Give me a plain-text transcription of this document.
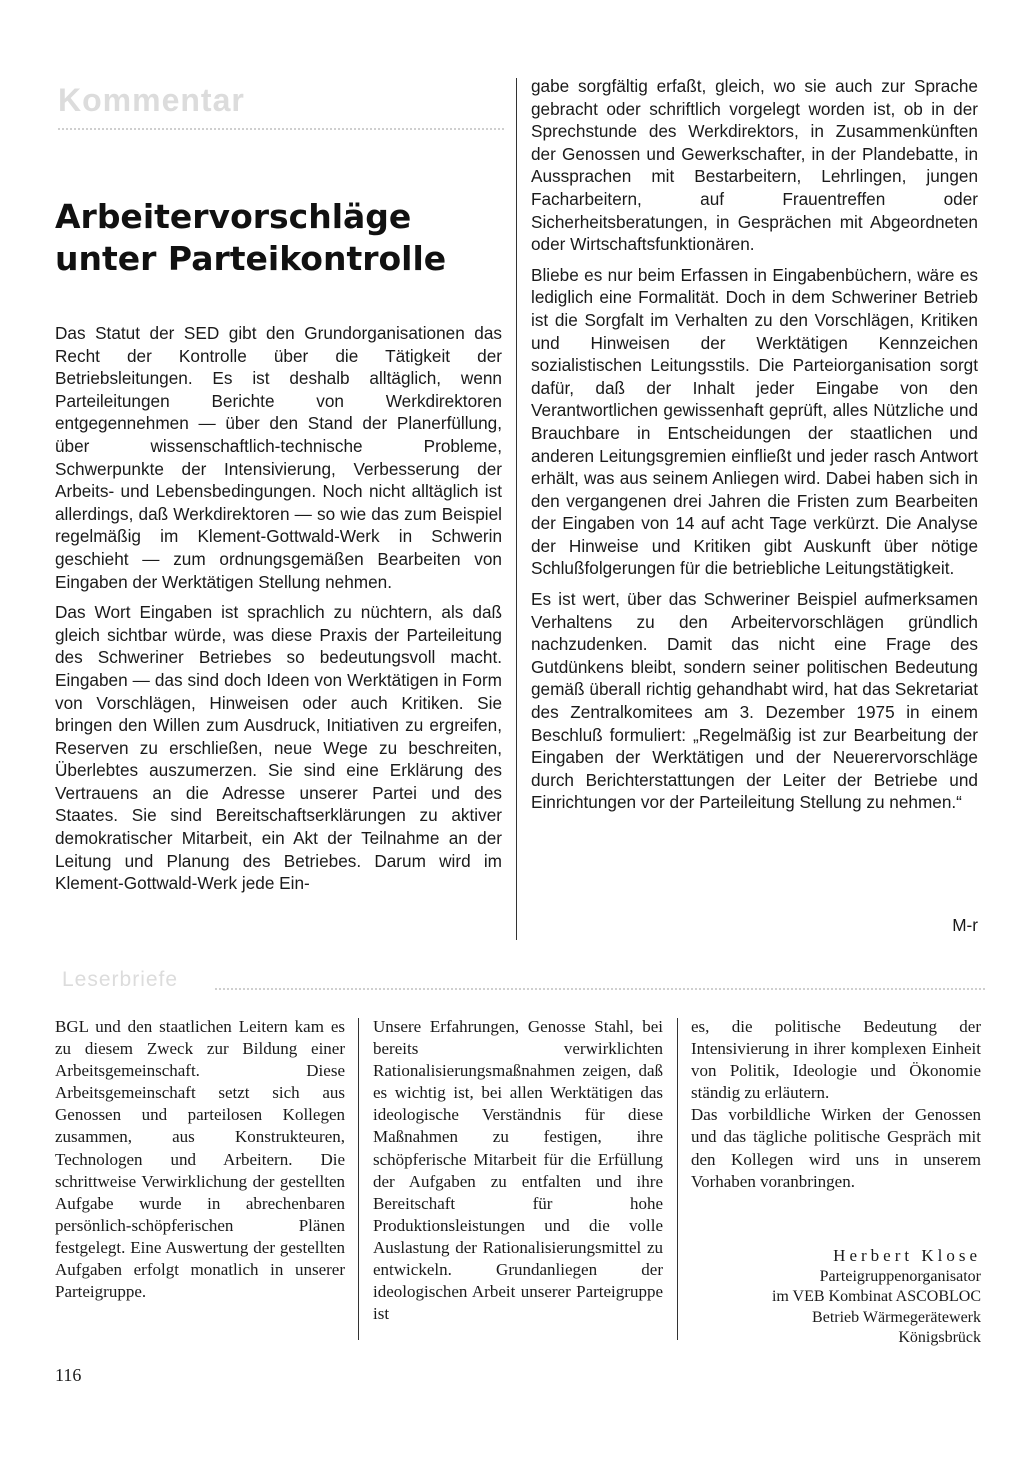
Kommentar
Arbeitervorschläge
unter Parteikontrolle

Das Statut der SED gibt den Grundorganisationen das Recht der Kontrolle über die Tätigkeit der Betriebsleitungen. Es ist deshalb alltäglich, wenn Parteileitungen Berichte von Werkdirektoren entgegennehmen — über den Stand der Planerfüllung, über wissenschaftlich-technische Probleme, Schwerpunkte der Intensivierung, Verbesserung der Arbeits- und Lebensbedingungen. Noch nicht alltäglich ist allerdings, daß Werkdirektoren — so wie das zum Beispiel regelmäßig im Klement-Gottwald-Werk in Schwerin geschieht — zum ordnungsgemäßen Bearbeiten von Eingaben der Werktätigen Stellung nehmen.

Das Wort Eingaben ist sprachlich zu nüchtern, als daß gleich sichtbar würde, was diese Praxis der Parteileitung des Schweriner Betriebes so bedeutungsvoll macht. Eingaben — das sind doch Ideen von Werktätigen in Form von Vorschlägen, Hinweisen oder auch Kritiken. Sie bringen den Willen zum Ausdruck, Initiativen zu ergreifen, Reserven zu erschließen, neue Wege zu beschreiten, Überlebtes auszumerzen. Sie sind eine Erklärung des Vertrauens an die Adresse unserer Partei und des Staates. Sie sind Bereitschaftserklärungen zu aktiver demokratischer Mitarbeit, ein Akt der Teilnahme an der Leitung und Planung des Betriebes. Darum wird im Klement-Gottwald-Werk jede Ein-

gabe sorgfältig erfaßt, gleich, wo sie auch zur Sprache gebracht oder schriftlich vorgelegt worden ist, ob in der Sprechstunde des Werkdirektors, in Zusammenkünften der Genossen und Gewerkschafter, in der Plandebatte, in Aussprachen mit Bestarbeitern, Lehrlingen, jungen Facharbeitern, auf Frauentreffen oder Sicherheitsberatungen, in Gesprächen mit Abgeordneten oder Wirtschaftsfunktionären.

Bliebe es nur beim Erfassen in Eingabenbüchern, wäre es lediglich eine Formalität. Doch in dem Schweriner Betrieb ist die Sorgfalt im Verhalten zu den Vorschlägen, Kritiken und Hinweisen der Werktätigen Kennzeichen sozialistischen Leitungsstils. Die Parteiorganisation sorgt dafür, daß der Inhalt jeder Eingabe von den Verantwortlichen gewissenhaft geprüft, alles Nützliche und Brauchbare in Entscheidungen der staatlichen und anderen Leitungsgremien einfließt und jeder rasch Antwort erhält, was aus seinem Anliegen wird. Dabei haben sich in den vergangenen drei Jahren die Fristen zum Bearbeiten der Eingaben von 14 auf acht Tage verkürzt. Die Analyse der Hinweise und Kritiken gibt Auskunft über nötige Schlußfolgerungen für die betriebliche Leitungstätigkeit.

Es ist wert, über das Schweriner Beispiel aufmerksamen Verhaltens zu den Arbeitervorschlägen gründlich nachzudenken. Damit das nicht eine Frage des Gutdünkens bleibt, sondern seiner politischen Bedeutung gemäß überall richtig gehandhabt wird, hat das Sekretariat des Zentralkomitees am 3. Dezember 1975 in einem Beschluß formuliert: „Regelmäßig ist zur Bearbeitung der Eingaben der Werktätigen und der Neuerervorschläge durch Berichterstattungen der Leiter der Betriebe und Einrichtungen vor der Parteileitung Stellung zu nehmen.“

M-r
Leserbriefe

BGL und den staatlichen Leitern kam es zu diesem Zweck zur Bildung einer Arbeitsgemeinschaft. Diese Arbeitsgemeinschaft setzt sich aus Genossen und parteilosen Kollegen zusammen, aus Konstrukteuren, Technologen und Arbeitern. Die schrittweise Verwirklichung der gestellten Aufgabe wurde in abrechenbaren persönlich-schöpferischen Plänen festgelegt. Eine Auswertung der gestellten Aufgaben erfolgt monatlich in unserer Parteigruppe.

Unsere Erfahrungen, Genosse Stahl, bei bereits verwirklichten Rationalisierungsmaßnahmen zeigen, daß es wichtig ist, bei allen Werktätigen das ideologische Verständnis für diese Maßnahmen zu festigen, ihre schöpferische Mitarbeit für die Erfüllung der Aufgaben zu entfalten und ihre Bereitschaft für hohe Produktionsleistungen und die volle Auslastung der Rationalisierungsmittel zu entwickeln. Grundanliegen der ideologischen Arbeit unserer Parteigruppe ist

es, die politische Bedeutung der Intensivierung in ihrer komplexen Einheit von Politik, Ideologie und Ökonomie ständig zu erläutern.

Das vorbildliche Wirken der Genossen und das tägliche politische Gespräch mit den Kollegen wird uns in unserem Vorhaben voranbringen.

Herbert Klose
Parteigruppenorganisator
im VEB Kombinat ASCOBLOC
Betrieb Wärmegerätewerk
Königsbrück
116
